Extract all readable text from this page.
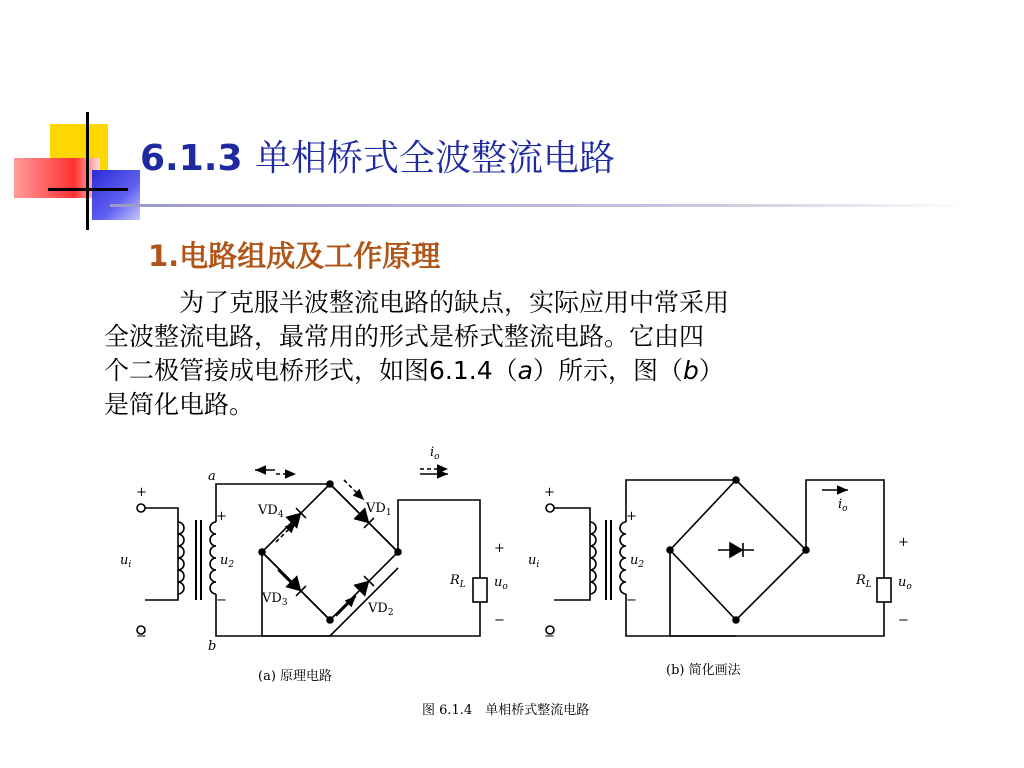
6.1.3 单相桥式全波整流电路
1.电路组成及工作原理

为了克服半波整流电路的缺点，实际应用中常采用

全波整流电路，最常用的形式是桥式整流电路。它由四

个二极管接成电桥形式，如图6.1.4（a）所示，图（b）

是简化电路。

+
−
$u_i$
+
−
$u_2$
a
b
$VD_4$	$VD_1$
$VD_3$	$VD_2$
$i_o$
$R_L$
+
−
$u_o$
(a) 原理电路
+
−
$u_i$
+
−
$u_2$
$i_o$
$R_L$
+
−
$u_o$
(b) 简化画法
图 6.1.4　单相桥式整流电路
